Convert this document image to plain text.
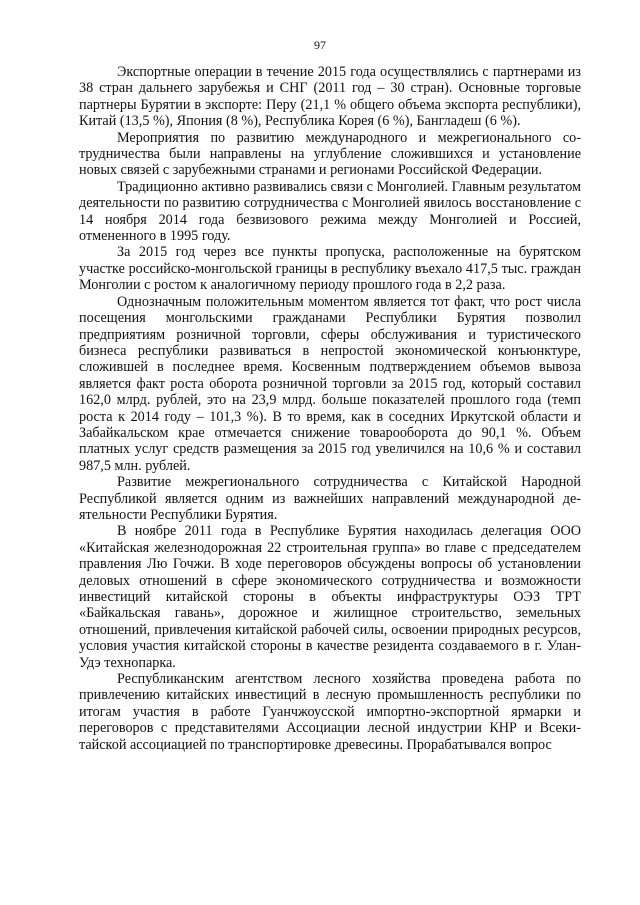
97

Экспортные операции в течение 2015 года осуществлялись с партнерами из 38 стран дальнего зарубежья и СНГ (2011 год – 30 стран). Основные торговые партнеры Бурятии в экспорте: Перу (21,1 % общего объема экспорта республики), Китай (13,5 %), Япония (8 %), Республика Корея (6 %), Бангладеш (6 %).

Мероприятия по развитию международного и межрегионального сотрудничества были направлены на углубление сложившихся и установление новых связей с зарубежными странами и регионами Российской Федерации.

Традиционно активно развивались связи с Монголией. Главным результатом деятельности по развитию сотрудничества с Монголией явилось восстановление с 14 ноября 2014 года безвизового режима между Монголией и Россией, отмененного в 1995 году.

За 2015 год через все пункты пропуска, расположенные на бурятском участке российско-монгольской границы в республику въехало 417,5 тыс. граждан Монголии с ростом к аналогичному периоду прошлого года в 2,2 раза.

Однозначным положительным моментом является тот факт, что рост числа посещения монгольскими гражданами Республики Бурятия позволил предприятиям розничной торговли, сферы обслуживания и туристического бизнеса республики развиваться в непростой экономической конъюнктуре, сложившей в последнее время. Косвенным подтверждением объемов вывоза является факт роста оборота розничной торговли за 2015 год, который составил 162,0 млрд. рублей, это на 23,9 млрд. больше показателей прошлого года (темп роста к 2014 году – 101,3 %). В то время, как в соседних Иркутской области и Забайкальском крае отмечается снижение товарооборота до 90,1 %. Объем платных услуг средств размещения за 2015 год увеличился на 10,6 % и составил 987,5 млн. рублей.

Развитие межрегионального сотрудничества с Китайской Народной Республикой является одним из важнейших направлений международной деятельности Республики Бурятия.

В ноябре 2011 года в Республике Бурятия находилась делегация ООО «Китайская железнодорожная 22 строительная группа» во главе с председателем правления Лю Гочжи. В ходе переговоров обсуждены вопросы об установлении деловых отношений в сфере экономического сотрудничества и возможности инвестиций китайской стороны в объекты инфраструктуры ОЭЗ ТРТ «Байкальская гавань», дорожное и жилищное строительство, земельных отношений, привлечения китайской рабочей силы, освоении природных ресурсов, условия участия китайской стороны в качестве резидента создаваемого в г. Улан-Удэ технопарка.

Республиканским агентством лесного хозяйства проведена работа по привлечению китайских инвестиций в лесную промышленность республики по итогам участия в работе Гуанчжоусской импортно-экспортной ярмарки и переговоров с представителями Ассоциации лесной индустрии КНР и Всекитайской ассоциацией по транспортировке древесины. Прорабатывался вопрос
